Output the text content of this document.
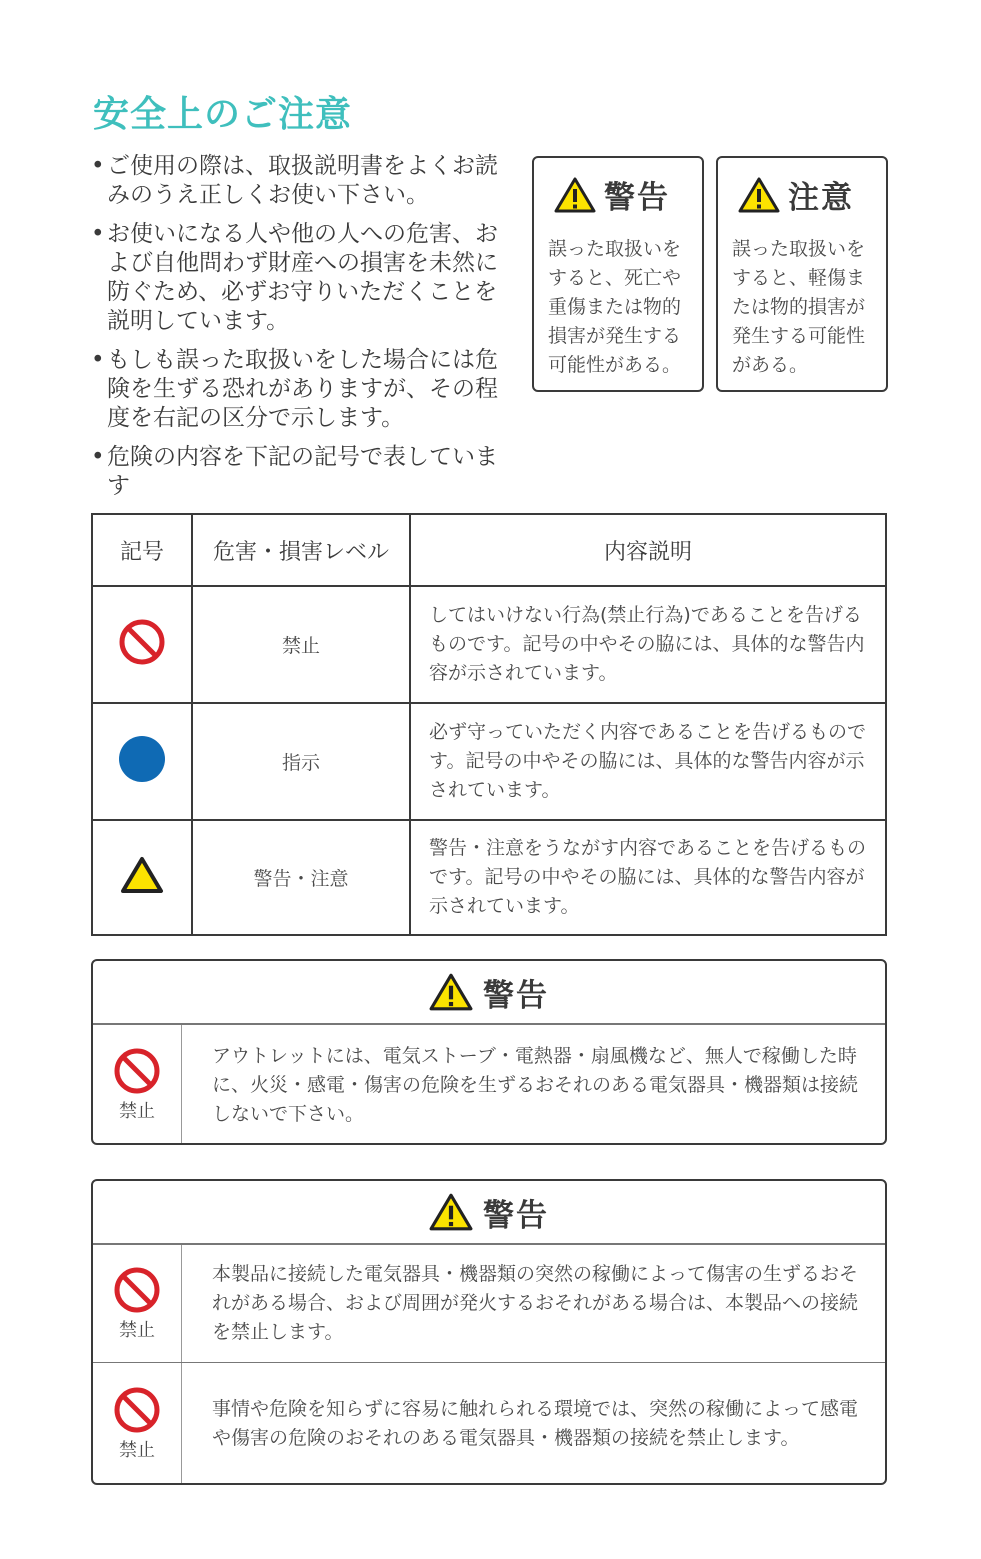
安全上のご注意
• ご使用の際は、取扱説明書をよくお読みのうえ正しくお使い下さい。
• お使いになる人や他の人への危害、および自他問わず財産への損害を未然に防ぐため、必ずお守りいただくことを説明しています。
• もしも誤った取扱いをした場合には危険を生ずる恐れがありますが、その程度を右記の区分で示します。
• 危険の内容を下記の記号で表しています
警告
誤った取扱いをすると、死亡や重傷または物的損害が発生する可能性がある。
注意
誤った取扱いをすると、軽傷または物的損害が発生する可能性がある。
記号	危害・損害レベル	内容説明

	禁止	してはいけない行為(禁止行為)であることを告げるものです。記号の中やその脇には、具体的な警告内容が示されています。

	指示	必ず守っていただく内容であることを告げるものです。記号の中やその脇には、具体的な警告内容が示されています。

	警告・注意	警告・注意をうながす内容であることを告げるものです。記号の中やその脇には、具体的な警告内容が示されています。
警告
禁止
アウトレットには、電気ストーブ・電熱器・扇風機など、無人で稼働した時に、火災・感電・傷害の危険を生ずるおそれのある電気器具・機器類は接続しないで下さい。
警告
禁止
本製品に接続した電気器具・機器類の突然の稼働によって傷害の生ずるおそれがある場合、および周囲が発火するおそれがある場合は、本製品への接続を禁止します。
禁止
事情や危険を知らずに容易に触れられる環境では、突然の稼働によって感電や傷害の危険のおそれのある電気器具・機器類の接続を禁止します。
